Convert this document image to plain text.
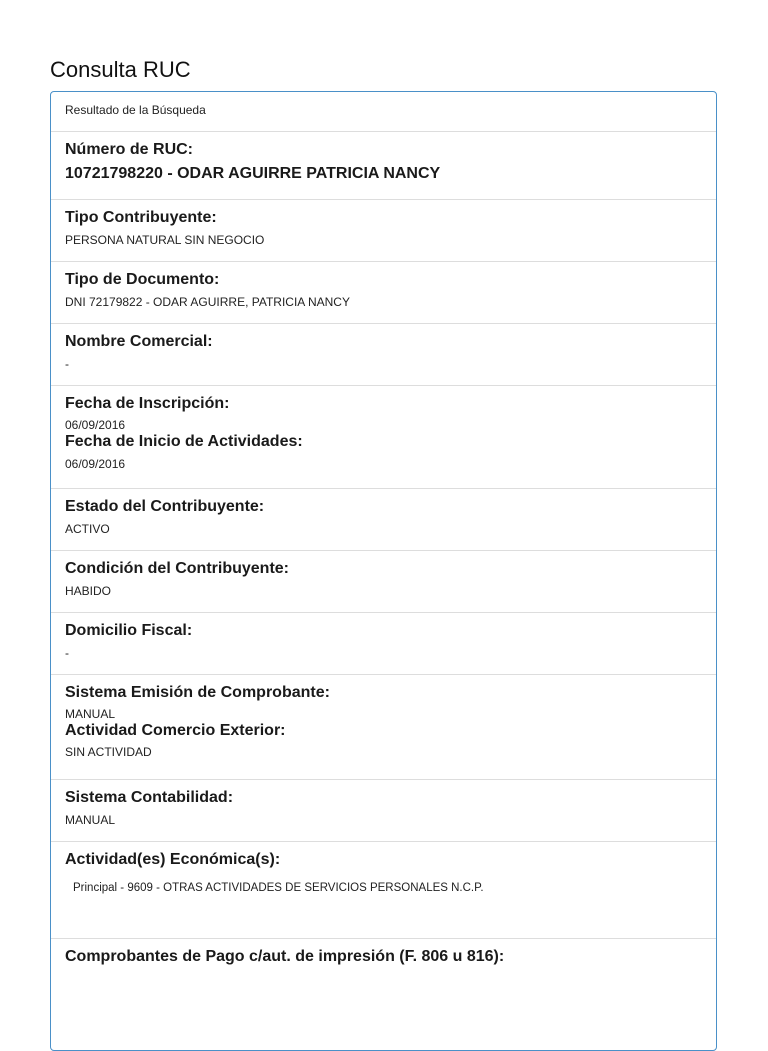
Consulta RUC
Resultado de la Búsqueda
Número de RUC:
10721798220 - ODAR AGUIRRE PATRICIA NANCY
Tipo Contribuyente:
PERSONA NATURAL SIN NEGOCIO
Tipo de Documento:
DNI 72179822 - ODAR AGUIRRE, PATRICIA NANCY
Nombre Comercial:
-
Fecha de Inscripción:
06/09/2016
Fecha de Inicio de Actividades:
06/09/2016
Estado del Contribuyente:
ACTIVO
Condición del Contribuyente:
HABIDO
Domicilio Fiscal:
-
Sistema Emisión de Comprobante:
MANUAL
Actividad Comercio Exterior:
SIN ACTIVIDAD
Sistema Contabilidad:
MANUAL
Actividad(es) Económica(s):
Principal - 9609 - OTRAS ACTIVIDADES DE SERVICIOS PERSONALES N.C.P.
Comprobantes de Pago c/aut. de impresión (F. 806 u 816):
